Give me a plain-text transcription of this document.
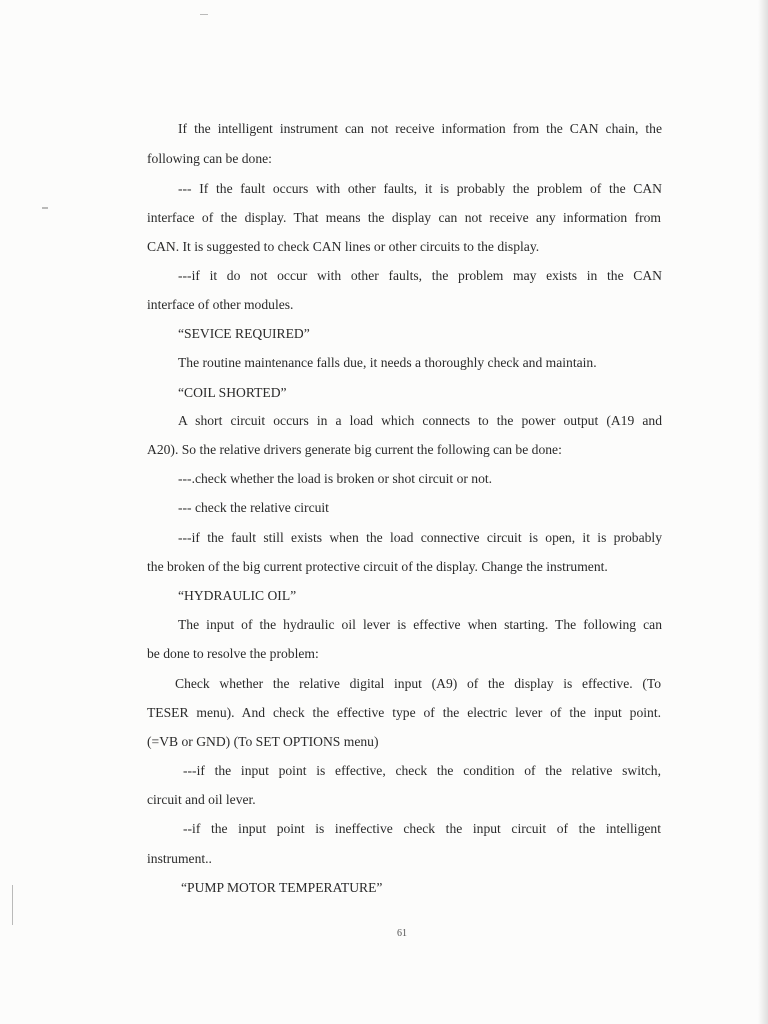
If the intelligent instrument can not receive information from the CAN chain, the
following can be done:
--- If the fault occurs with other faults, it is probably the problem of the CAN
interface of the display. That means the display can not receive any information from
CAN. It is suggested to check CAN lines or other circuits to the display.
---if it do not occur with other faults, the problem may exists in the CAN
interface of other modules.
“SEVICE REQUIRED”
The routine maintenance falls due, it needs a thoroughly check and maintain.
“COIL SHORTED”
A short circuit occurs in a load which connects to the power output (A19 and
A20). So the relative drivers generate big current the following can be done:
---.check whether the load is broken or shot circuit or not.
--- check the relative circuit
---if the fault still exists when the load connective circuit is open, it is probably
the broken of the big current protective circuit of the display. Change the instrument.
“HYDRAULIC OIL”
The input of the hydraulic oil lever is effective when starting. The following can
be done to resolve the problem:
Check whether the relative digital input (A9) of the display is effective. (To
TESER menu). And check the effective type of the electric lever of the input point.
(=VB or GND) (To SET OPTIONS menu)
---if the input point is effective, check the condition of the relative switch,
circuit and oil lever.
--if the input point is ineffective check the input circuit of the intelligent
instrument..
“PUMP MOTOR TEMPERATURE”
61
